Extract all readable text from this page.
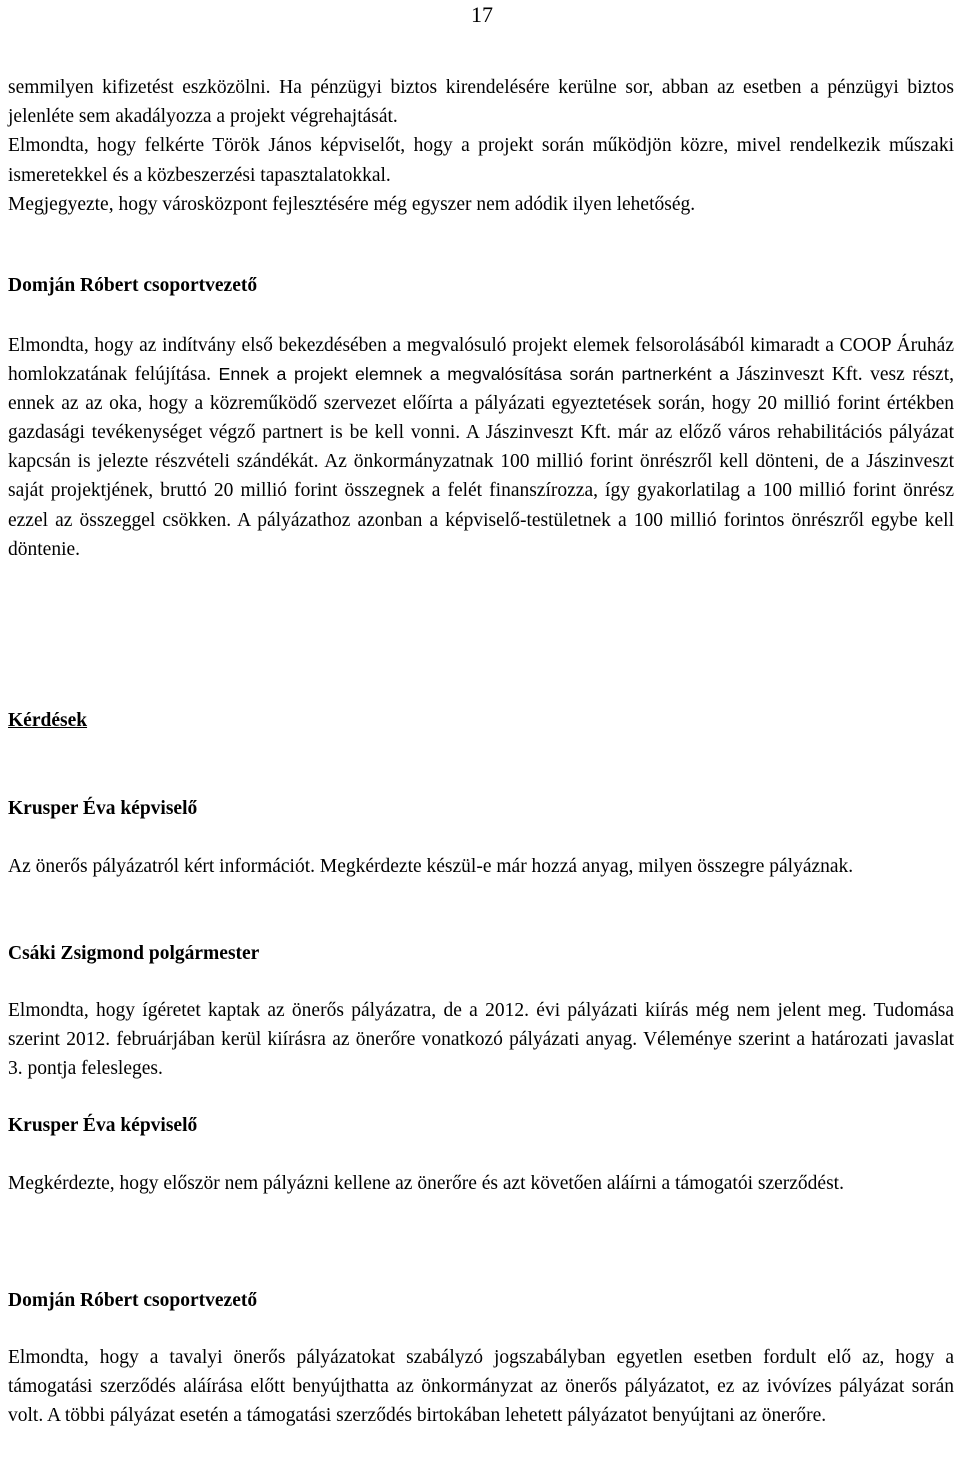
17

semmilyen kifizetést eszközölni. Ha pénzügyi biztos kirendelésére kerülne sor, abban az esetben a pénzügyi biztos jelenléte sem akadályozza a projekt végrehajtását.

Elmondta, hogy felkérte Török János képviselőt, hogy a projekt során működjön közre, mivel rendelkezik műszaki ismeretekkel és a közbeszerzési tapasztalatokkal.

Megjegyezte, hogy városközpont fejlesztésére még egyszer nem adódik ilyen lehetőség.

Domján Róbert csoportvezető

Elmondta, hogy az indítvány első bekezdésében a megvalósuló projekt elemek felsorolásából kimaradt a COOP Áruház homlokzatának felújítása. Ennek a projekt elemnek a megvalósítása során partnerként a Jászinveszt Kft. vesz részt, ennek az az oka, hogy a közreműködő szervezet előírta a pályázati egyeztetések során, hogy 20 millió forint értékben gazdasági tevékenységet végző partnert is be kell vonni. A Jászinveszt Kft. már az előző város rehabilitációs pályázat kapcsán is jelezte részvételi szándékát. Az önkormányzatnak 100 millió forint önrészről kell dönteni, de a Jászinveszt saját projektjének, bruttó 20 millió forint összegnek a felét finanszírozza, így gyakorlatilag a 100 millió forint önrész ezzel az összeggel csökken. A pályázathoz azonban a képviselő-testületnek a 100 millió forintos önrészről egybe kell döntenie.

Kérdések

Krusper Éva képviselő

Az önerős pályázatról kért információt. Megkérdezte készül-e már hozzá anyag, milyen összegre pályáznak.

Csáki Zsigmond polgármester

Elmondta, hogy ígéretet kaptak az önerős pályázatra, de a 2012. évi pályázati kiírás még nem jelent meg. Tudomása szerint 2012. februárjában kerül kiírásra az önerőre vonatkozó pályázati anyag. Véleménye szerint a határozati javaslat 3. pontja felesleges.

Krusper Éva képviselő

Megkérdezte, hogy először nem pályázni kellene az önerőre és azt követően aláírni a támogatói szerződést.

Domján Róbert csoportvezető

Elmondta, hogy a tavalyi önerős pályázatokat szabályzó jogszabályban egyetlen esetben fordult elő az, hogy a támogatási szerződés aláírása előtt benyújthatta az önkormányzat az önerős pályázatot, ez az ivóvízes pályázat során volt. A többi pályázat esetén a támogatási szerződés birtokában lehetett pályázatot benyújtani az önerőre.
